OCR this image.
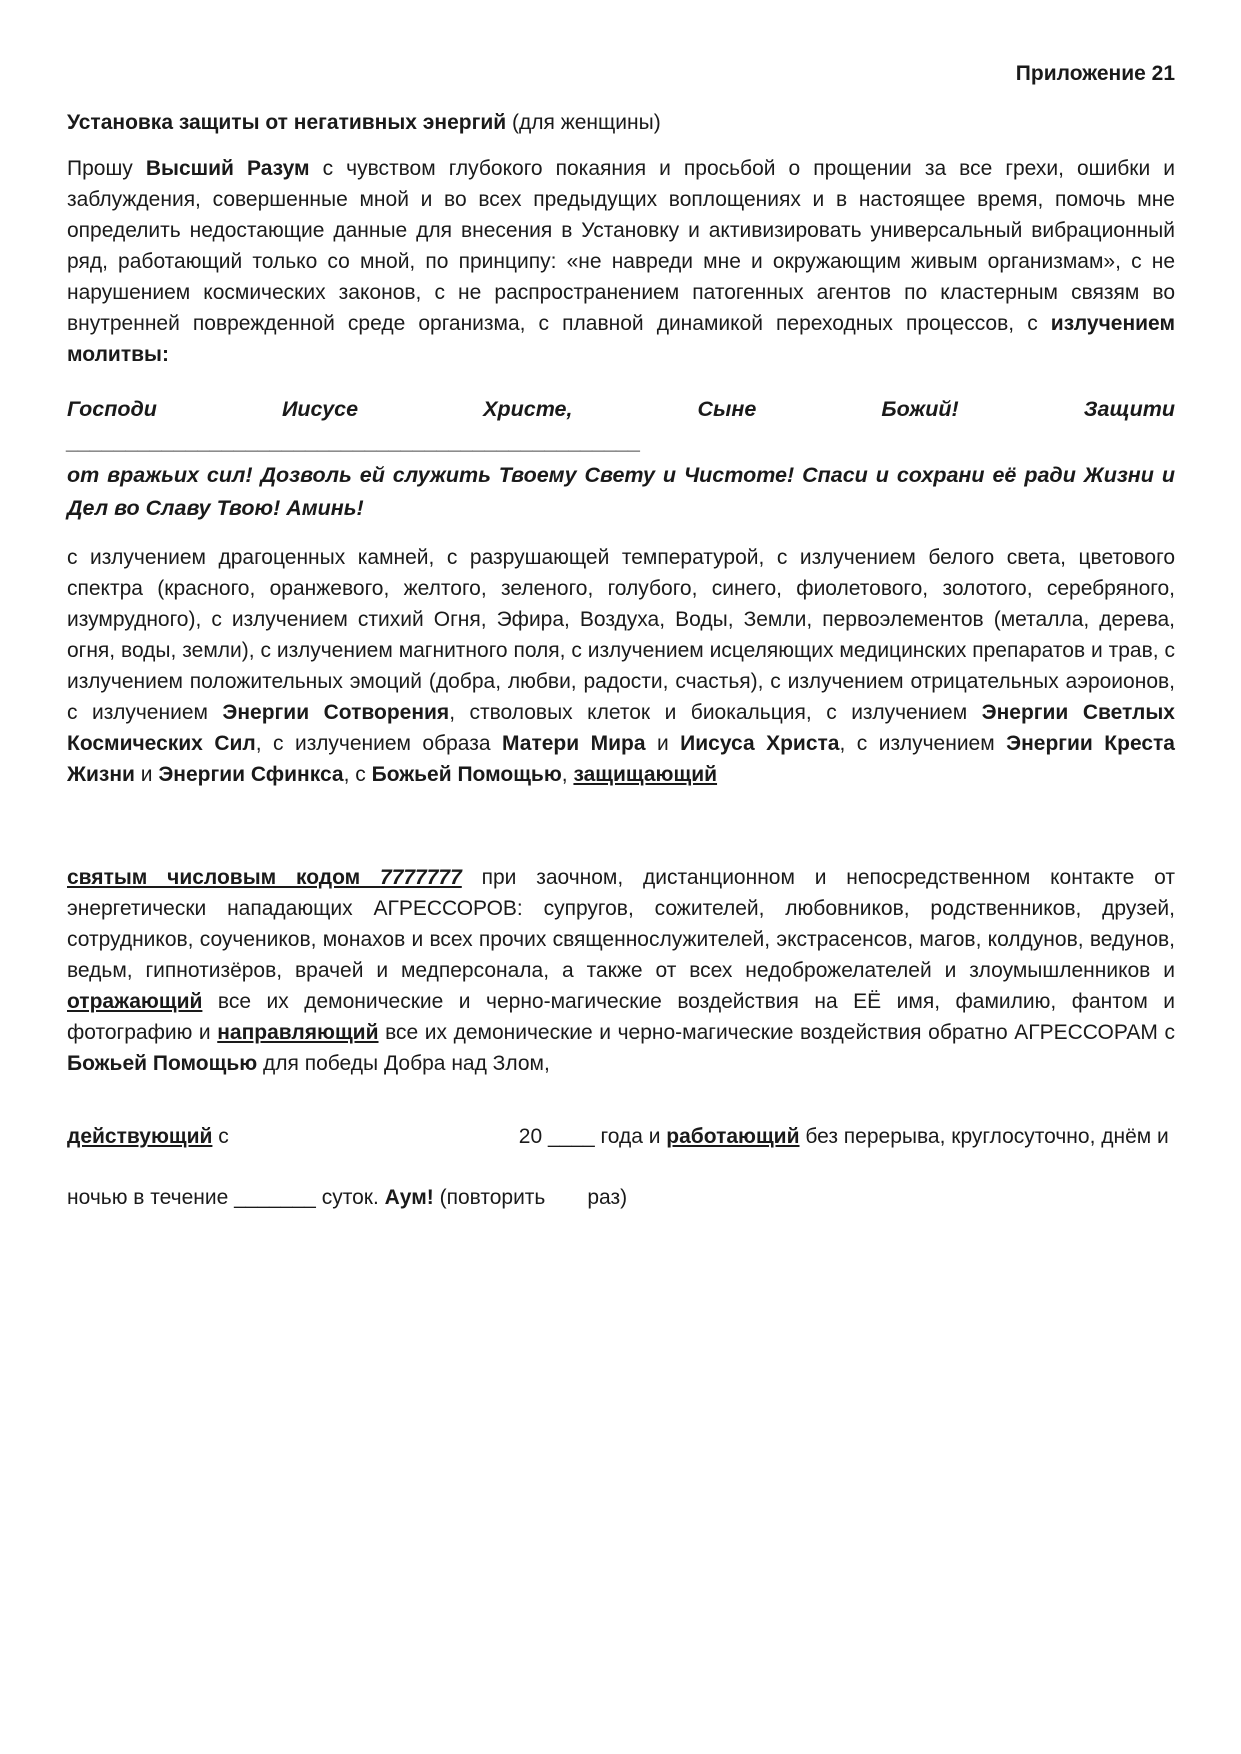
Приложение 21
Установка защиты от негативных энергий (для женщины)

Прошу Высший Разум с чувством глубокого покаяния и просьбой о прощении за все грехи, ошибки и заблуждения, совершенные мной и во всех предыдущих воплощениях и в настоящее время, помочь мне определить недостающие данные для внесения в Установку и активизировать универсальный вибрационный ряд, работающий только со мной, по принципу: «не навреди мне и окружающим живым организмам», с не нарушением космических законов, с не распространением патогенных агентов по кластерным связям во внутренней поврежденной среде организма, с плавной динамикой переходных процессов, с излучением молитвы:

Господи Иисусе Христе, Сыне Божий! Защити ________________________________________________

от вражьих сил! Дозволь ей служить Твоему Свету и Чистоте! Спаси и сохрани её ради Жизни и Дел во Славу Твою! Аминь!

с излучением драгоценных камней, с разрушающей температурой, с излучением белого света, цветового спектра (красного, оранжевого, желтого, зеленого, голубого, синего, фиолетового, золотого, серебряного, изумрудного), с излучением стихий Огня, Эфира, Воздуха, Воды, Земли, первоэлементов (металла, дерева, огня, воды, земли), с излучением магнитного поля, с излучением исцеляющих медицинских препаратов и трав, с излучением положительных эмоций (добра, любви, радости, счастья), с излучением отрицательных аэроионов, с излучением Энергии Сотворения, стволовых клеток и биокальция, с излучением Энергии Светлых Космических Сил, с излучением образа Матери Мира и Иисуса Христа, с излучением Энергии Креста Жизни и Энергии Сфинкса, с Божьей Помощью, защищающий

святым числовым кодом 7777777 при заочном, дистанционном и непосредственном контакте от энергетически нападающих АГРЕССОРОВ: супругов, сожителей, любовников, родственников, друзей, сотрудников, соучеников, монахов и всех прочих священнослужителей, экстрасенсов, магов, колдунов, ведунов, ведьм, гипнотизёров, врачей и медперсонала, а также от всех недоброжелателей и злоумышленников и отражающий все их демонические и черно-магические воздействия на ЕЁ имя, фамилию, фантом и фотографию и направляющий все их демонические и черно-магические воздействия обратно АГРЕССОРАМ с Божьей Помощью для победы Добра над Злом,

действующий с	20 ____ года и работающий без перерыва, круглосуточно, днём и

ночью в течение _______ суток. Аум! (повторить раз)
